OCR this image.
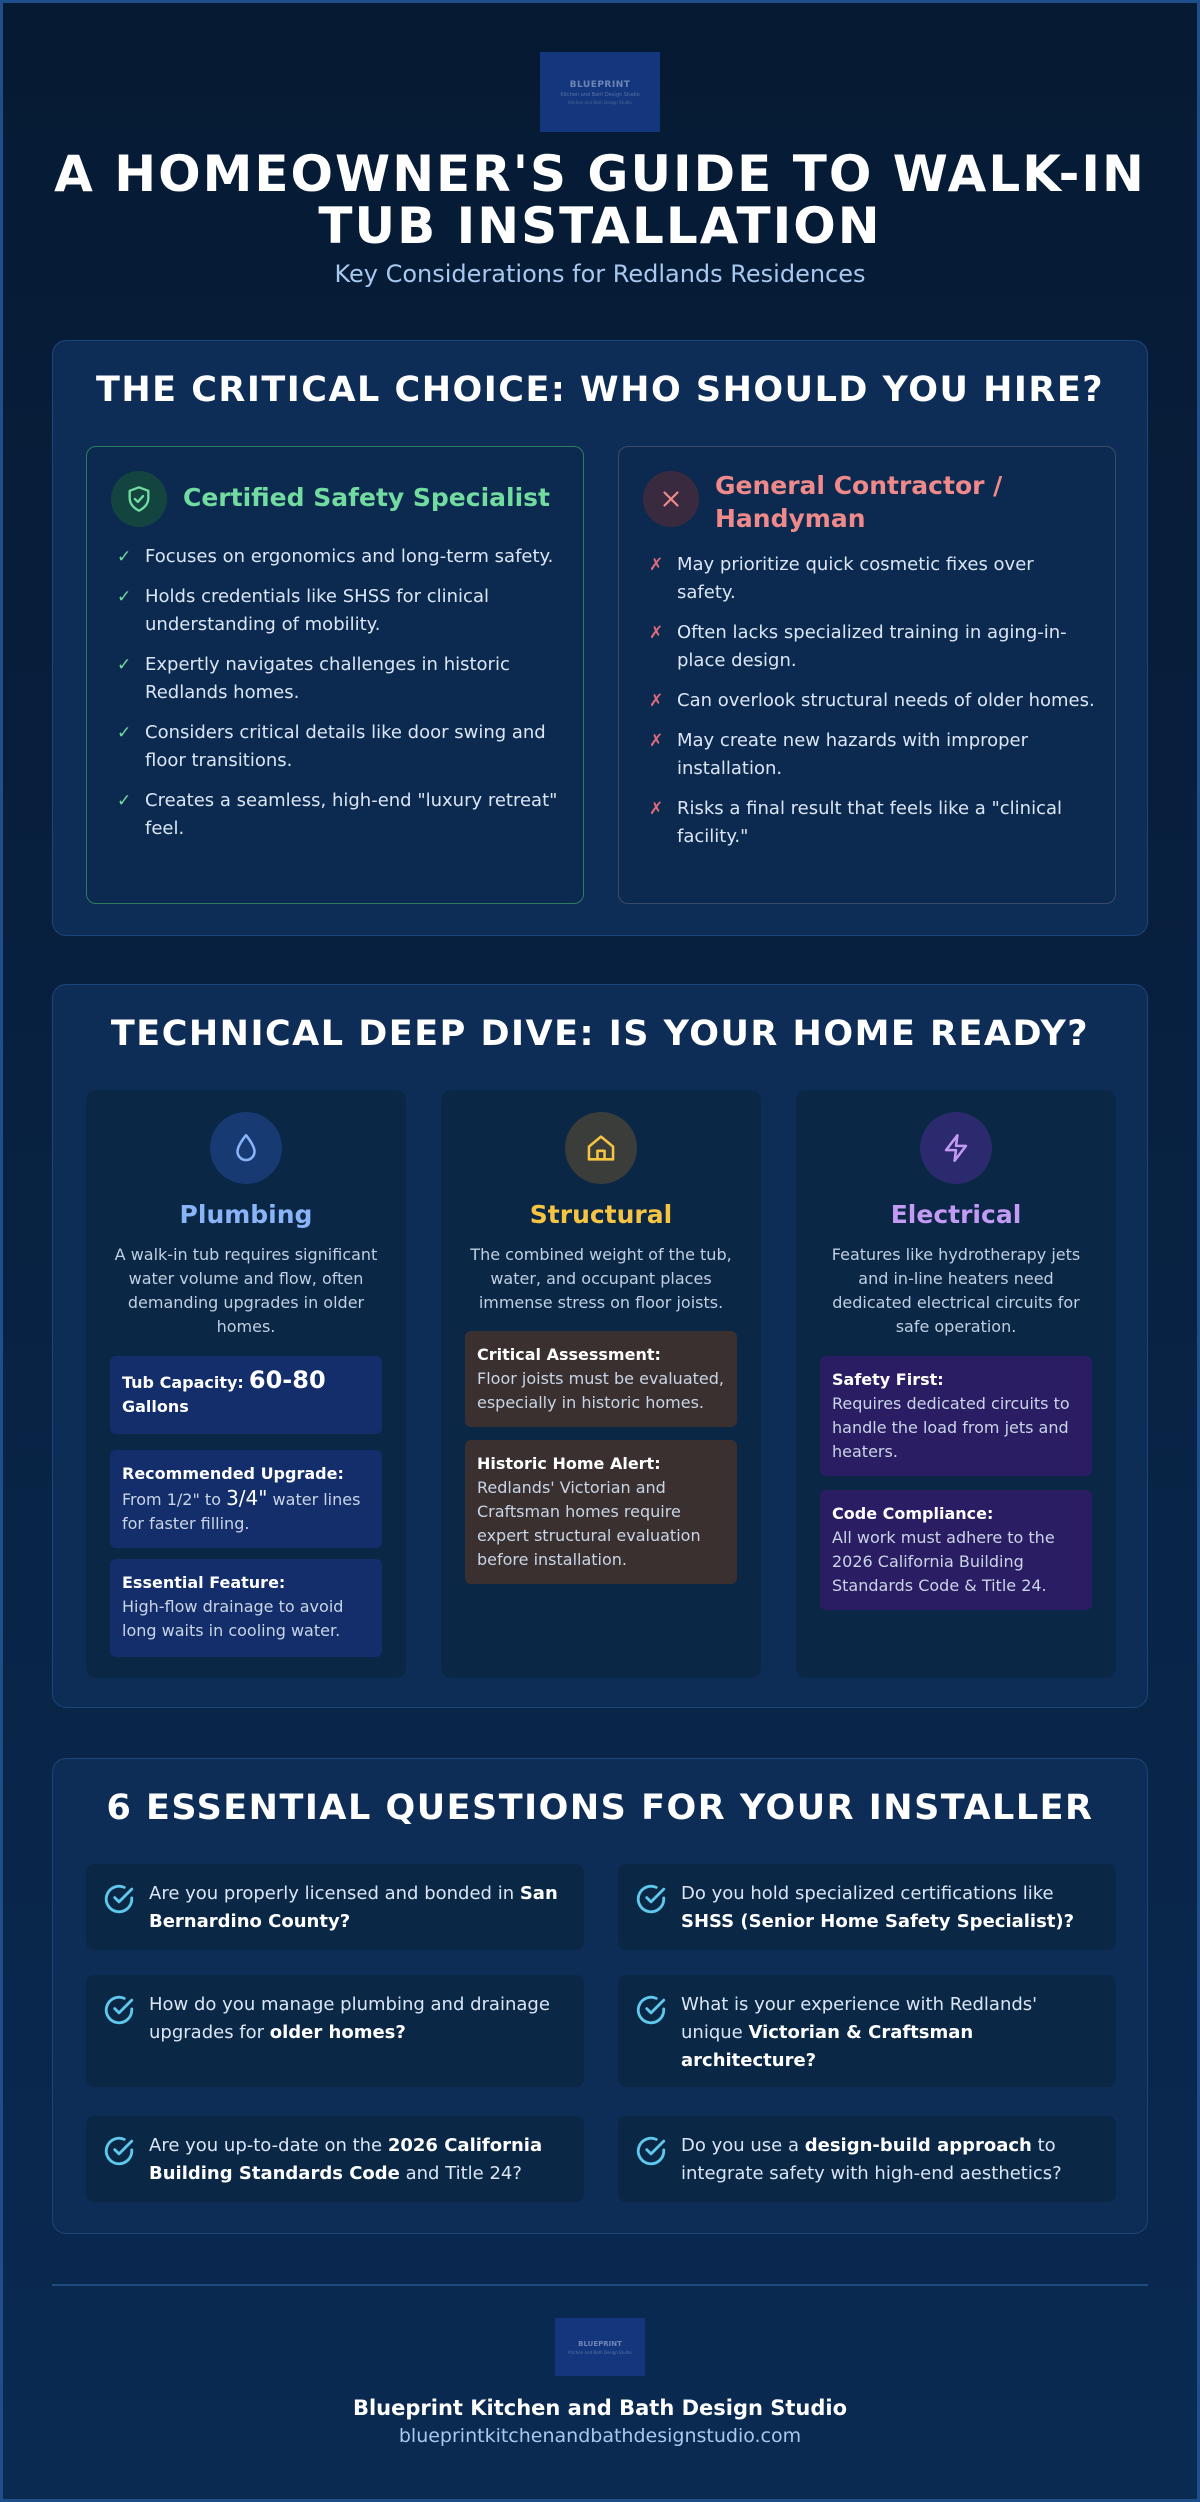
BLUEPRINT
Kitchen and Bath Design Studio
Kitchen and Bath Design Studio
A HOMEOWNER'S GUIDE TO WALK-IN
TUB INSTALLATION
Key Considerations for Redlands Residences
THE CRITICAL CHOICE: WHO SHOULD YOU HIRE?
Certified Safety Specialist
✓ Focuses on ergonomics and long-term safety.
✓ Holds credentials like SHSS for clinical understanding of mobility.
✓ Expertly navigates challenges in historic Redlands homes.
✓ Considers critical details like door swing and floor transitions.
✓ Creates a seamless, high-end "luxury retreat" feel.
General Contractor / Handyman
✗ May prioritize quick cosmetic fixes over safety.
✗ Often lacks specialized training in aging-in-place design.
✗ Can overlook structural needs of older homes.
✗ May create new hazards with improper installation.
✗ Risks a final result that feels like a "clinical facility."
TECHNICAL DEEP DIVE: IS YOUR HOME READY?
Plumbing
A walk-in tub requires significant water volume and flow, often demanding upgrades in older homes.
Tub Capacity: 60-80
Gallons
Recommended Upgrade:
From 1/2" to 3/4" water lines for faster filling.
Essential Feature:
High-flow drainage to avoid long waits in cooling water.
Structural
The combined weight of the tub, water, and occupant places immense stress on floor joists.
Critical Assessment:
Floor joists must be evaluated, especially in historic homes.
Historic Home Alert:
Redlands' Victorian and Craftsman homes require expert structural evaluation before installation.
Electrical
Features like hydrotherapy jets and in-line heaters need dedicated electrical circuits for safe operation.
Safety First:
Requires dedicated circuits to handle the load from jets and heaters.
Code Compliance:
All work must adhere to the 2026 California Building Standards Code & Title 24.
6 ESSENTIAL QUESTIONS FOR YOUR INSTALLER
Are you properly licensed and bonded in San Bernardino County?
Do you hold specialized certifications like SHSS (Senior Home Safety Specialist)?
How do you manage plumbing and drainage upgrades for older homes?
What is your experience with Redlands' unique Victorian & Craftsman architecture?
Are you up-to-date on the 2026 California Building Standards Code and Title 24?
Do you use a design-build approach to integrate safety with high-end aesthetics?
BLUEPRINT
Kitchen and Bath Design Studio
Blueprint Kitchen and Bath Design Studio
blueprintkitchenandbathdesignstudio.com
